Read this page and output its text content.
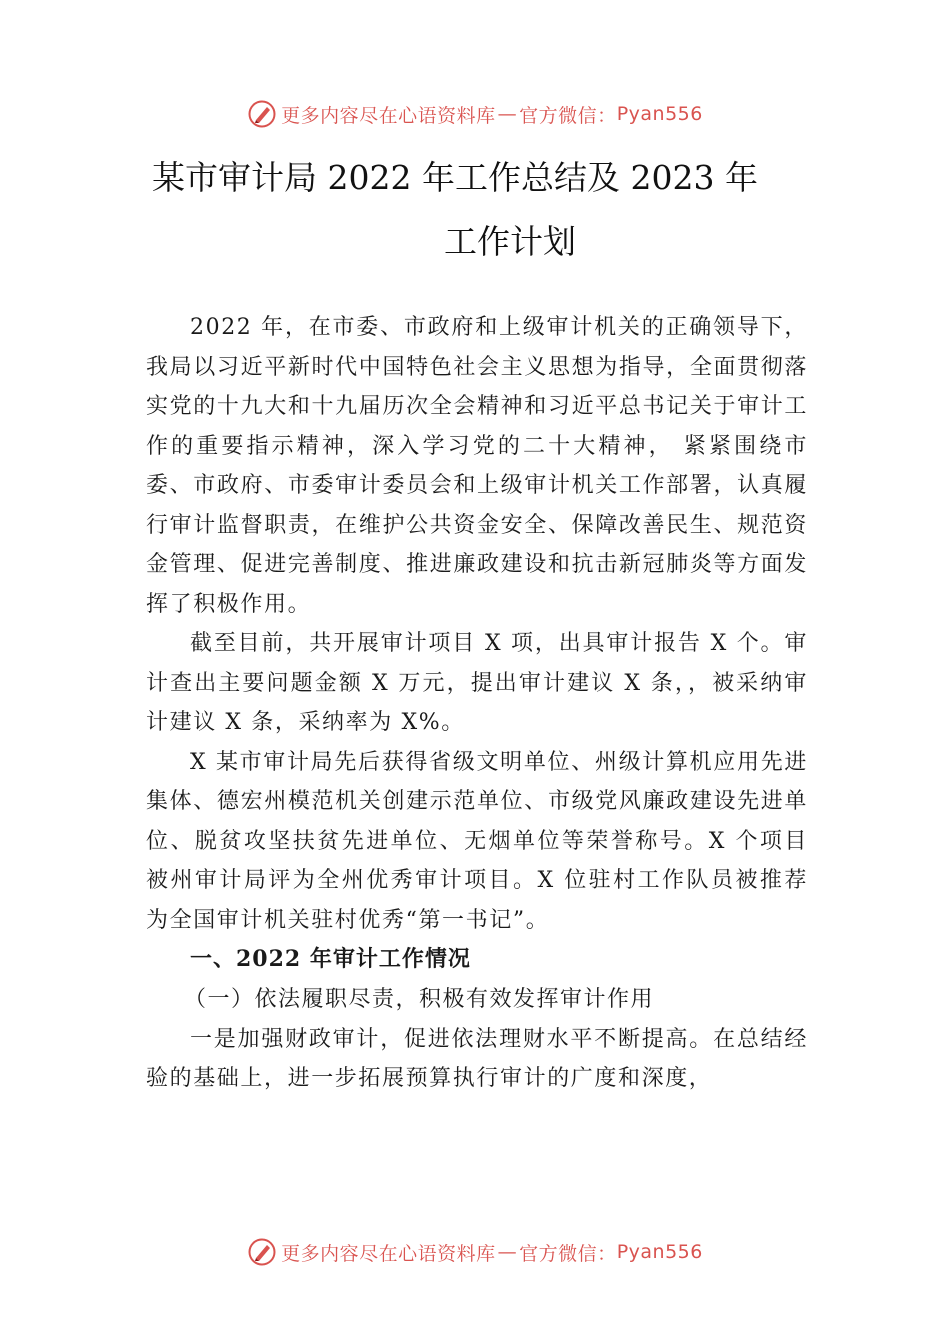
更多内容尽在心语资料库 — 官方微信： Pyan556
某市审计局 2022 年工作总结及 2023 年
工作计划

2022 年，在市委、市政府和上级审计机关的正确领导下，我局以习近平新时代中国特色社会主义思想为指导，全面贯彻落实党的十九大和十九届历次全会精神和习近平总书记关于审计工作的重要指示精神，深入学习党的二十大精神， 紧紧围绕市委、市政府、市委审计委员会和上级审计机关工作部署，认真履行审计监督职责，在维护公共资金安全、保障改善民生、规范资金管理、促进完善制度、推进廉政建设和抗击新冠肺炎等方面发挥了积极作用。

截至目前，共开展审计项目 X 项，出具审计报告 X 个。审计查出主要问题金额 X 万元，提出审计建议 X 条，，被采纳审计建议 X 条，采纳率为 X%。

X 某市审计局先后获得省级文明单位、州级计算机应用先进集体、德宏州模范机关创建示范单位、市级党风廉政建设先进单位、脱贫攻坚扶贫先进单位、无烟单位等荣誉称号。X 个项目被州审计局评为全州优秀审计项目。X 位驻村工作队员被推荐为全国审计机关驻村优秀“第一书记”。

一、2022 年审计工作情况
（一）依法履职尽责，积极有效发挥审计作用

一是加强财政审计，促进依法理财水平不断提高。在总结经验的基础上，进一步拓展预算执行审计的广度和深度，

更多内容尽在心语资料库 — 官方微信： Pyan556
